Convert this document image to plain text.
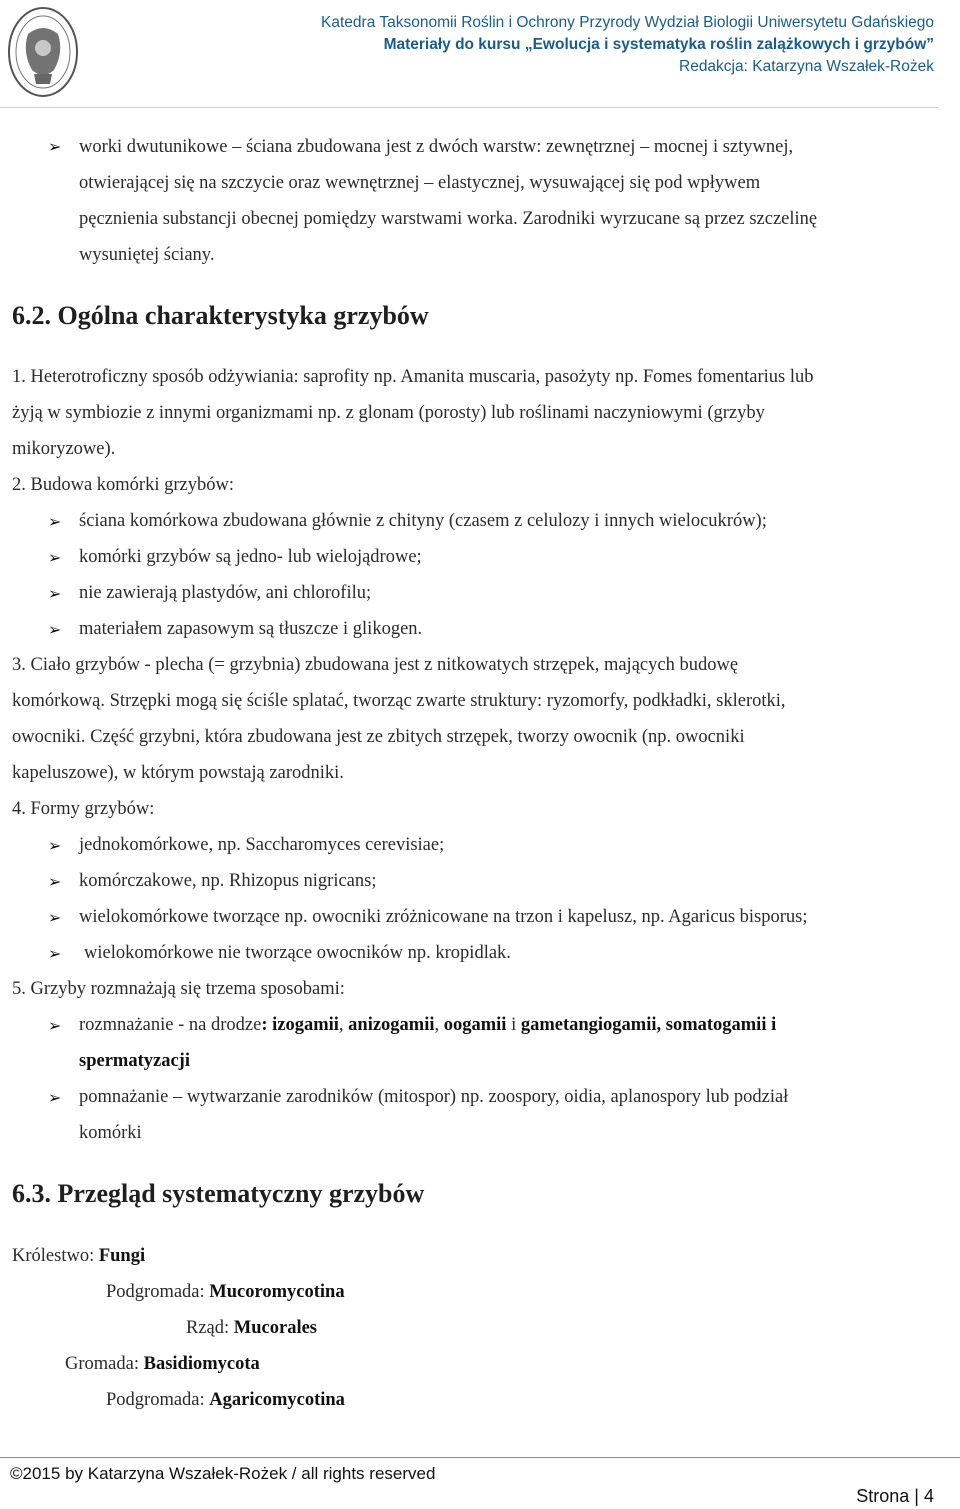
Katedra Taksonomii Roślin i Ochrony Przyrody Wydział Biologii Uniwersytetu Gdańskiego
Materiały do kursu „Ewolucja i systematyka roślin zalążkowych i grzybów”
Redakcja: Katarzyna Wszałek-Rożek
➢ worki dwutunikowe – ściana zbudowana jest z dwóch warstw: zewnętrznej – mocnej i sztywnej,
otwierającej się na szczycie oraz wewnętrznej – elastycznej, wysuwającej się pod wpływem
pęcznienia substancji obecnej pomiędzy warstwami worka. Zarodniki wyrzucane są przez szczelinę
wysuniętej ściany.
6.2. Ogólna charakterystyka grzybów
1. Heterotroficzny sposób odżywiania: saprofity np. Amanita muscaria, pasożyty np. Fomes fomentarius lub
żyją w symbiozie z innymi organizmami np. z glonam (porosty) lub roślinami naczyniowymi (grzyby
mikoryzowe).
2. Budowa komórki grzybów:
➢ ściana komórkowa zbudowana głównie z chityny (czasem z celulozy i innych wielocukrów);
➢ komórki grzybów są jedno- lub wielojądrowe;
➢ nie zawierają plastydów, ani chlorofilu;
➢ materiałem zapasowym są tłuszcze i glikogen.
3. Ciało grzybów - plecha (= grzybnia) zbudowana jest z nitkowatych strzępek, mających budowę
komórkową. Strzępki mogą się ściśle splatać, tworząc zwarte struktury: ryzomorfy, podkładki, sklerotki,
owocniki. Część grzybni, która zbudowana jest ze zbitych strzępek, tworzy owocnik (np. owocniki
kapeluszowe), w którym powstają zarodniki.
4. Formy grzybów:
➢ jednokomórkowe, np. Saccharomyces cerevisiae;
➢ komórczakowe, np. Rhizopus nigricans;
➢ wielokomórkowe tworzące np. owocniki zróżnicowane na trzon i kapelusz, np. Agaricus bisporus;
➢ wielokomórkowe nie tworzące owocników np. kropidlak.
5. Grzyby rozmnażają się trzema sposobami:
➢ rozmnażanie - na drodze: izogamii, anizogamii, oogamii i gametangiogamii, somatogamii i
spermatyzacji
➢ pomnażanie – wytwarzanie zarodników (mitospor) np. zoospory, oidia, aplanospory lub podział
komórki
6.3. Przegląd systematyczny grzybów
Królestwo: Fungi
Podgromada: Mucoromycotina
Rząd: Mucorales
Gromada: Basidiomycota
Podgromada: Agaricomycotina
©2015 by Katarzyna Wszałek-Rożek / all rights reserved
Strona | 4
